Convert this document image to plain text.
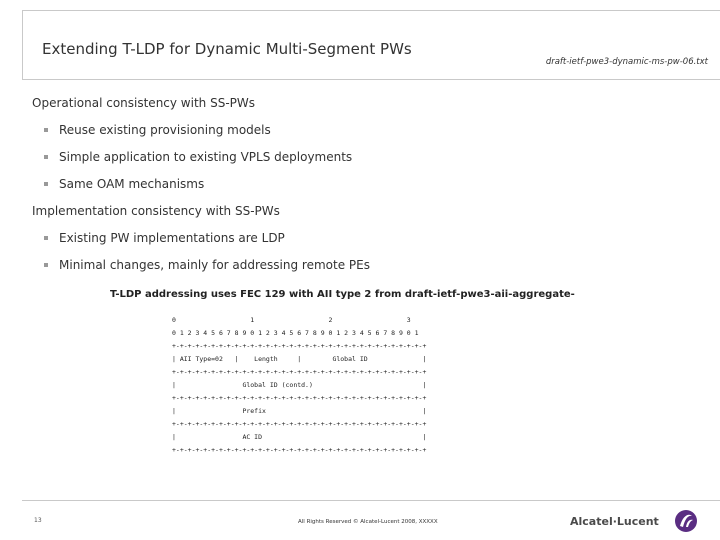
Extending T-LDP for Dynamic Multi-Segment PWs
draft-ietf-pwe3-dynamic-ms-pw-06.txt
Operational consistency with SS-PWs
Reuse existing provisioning models
Simple application to existing VPLS deployments
Same OAM mechanisms
Implementation consistency with SS-PWs
Existing PW implementations are LDP
Minimal changes, mainly for addressing remote PEs
T-LDP addressing uses FEC 129 with AII type 2 from draft-ietf-pwe3-aii-aggregate-
0                   1                   2                   3
0 1 2 3 4 5 6 7 8 9 0 1 2 3 4 5 6 7 8 9 0 1 2 3 4 5 6 7 8 9 0 1
+-+-+-+-+-+-+-+-+-+-+-+-+-+-+-+-+-+-+-+-+-+-+-+-+-+-+-+-+-+-+-+-+
| AII Type=02   |    Length     |        Global ID              |
+-+-+-+-+-+-+-+-+-+-+-+-+-+-+-+-+-+-+-+-+-+-+-+-+-+-+-+-+-+-+-+-+
|                 Global ID (contd.)                            |
+-+-+-+-+-+-+-+-+-+-+-+-+-+-+-+-+-+-+-+-+-+-+-+-+-+-+-+-+-+-+-+-+
|                 Prefix                                        |
+-+-+-+-+-+-+-+-+-+-+-+-+-+-+-+-+-+-+-+-+-+-+-+-+-+-+-+-+-+-+-+-+
|                 AC ID                                         |
+-+-+-+-+-+-+-+-+-+-+-+-+-+-+-+-+-+-+-+-+-+-+-+-+-+-+-+-+-+-+-+-+
13	All Rights Reserved © Alcatel-Lucent 2008, XXXXX	Alcatel·Lucent
